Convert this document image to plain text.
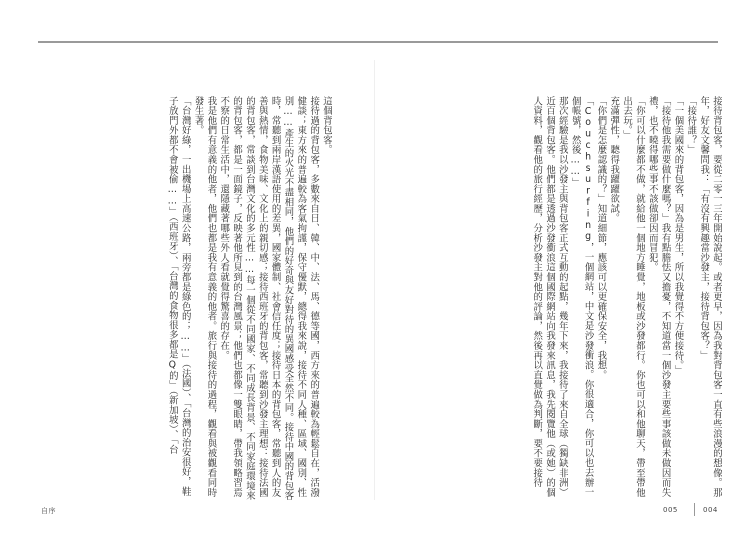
接待背包客，要從二零一三年開始說起。或者更早，因為我對背包客一直有些浪漫的想像。那年，好友文馨問我：「有沒有興趣當沙發主，接待背包客？」

「接待誰？」

「一個美國來的背包客，因為是男生，所以我覺得不方便接待。」

「接待他我需要做什麼嗎？」我有點膽怯又擔憂，不知道當一個沙發主要些事該做未做因而失禮，也不曉得哪些事不該做卻因而冒犯。

「你可以什麼都不做，就給他一個地方睡覺，地板或沙發都行。你也可以和他聊天，帶至帶他出去玩。」

充滿彈性，聽得我躍躍欲試。

「你們是怎麼認識的？」知道細節，應該可以更確保安全，我想。

「Couchsurfing，一個網站，中文是沙發衝浪。你很適合，你可以也去辦一個帳號，然後……」

那次經驗是我以沙發主與背包客正式互動的起點，幾年下來，我接待了來自全球（獨缺非洲）近百個背包客。他們都是透過沙發衝浪這個國際網站向我發來訊息，我先閱覽他（或她）的個人資料，觀看他的旅行經歷，分析沙發主對他的評論，然後再以直覺做為判斷，要不要接待

這個背包客。

接待過的背包客，多數來自日、韓、中、法、馬、德等國，西方來的普遍較為輕鬆自在，活潑健談；東方來的普遍較為客氣拘謹，保守優默，總得我來說，接待不同人種、區域、國別、性別……產生的火光不盡相同，他們的好奇與友好對待的異國感受全然不同。接待中國的背包客時，常聽到兩岸漢語使用的差異，國家體制、社會信任度；接待日本的背包客，常聽到人的友善與熱情，食物美味、文化上的親切感；接待西班牙的背包客，常聽到沙發主理想：接待法國的背包客，常談到台灣文化的多元性……每一個從不同國家、不同成長背景、不同家庭環境來的背包客，都是一面鏡子，反映著他所見到的台灣風景；他們也都像一雙眼睛，帶我領略習焉不察的日常生活中，還隱藏著哪些外人看就覺得驚喜的存在。

我是他們有意義的他者，他們也都是我有意義的他者。旅行與接待的過程，觀看與被觀看同時發生著。

「台灣好綠，一出機場上高速公路，兩旁都是綠色的；……」（法國）、「台灣的治安很好，鞋子放門外都不會被偷……」（西班牙）、「台灣的食物很多都是Q的」（新加坡）、「台

自序	005	004
